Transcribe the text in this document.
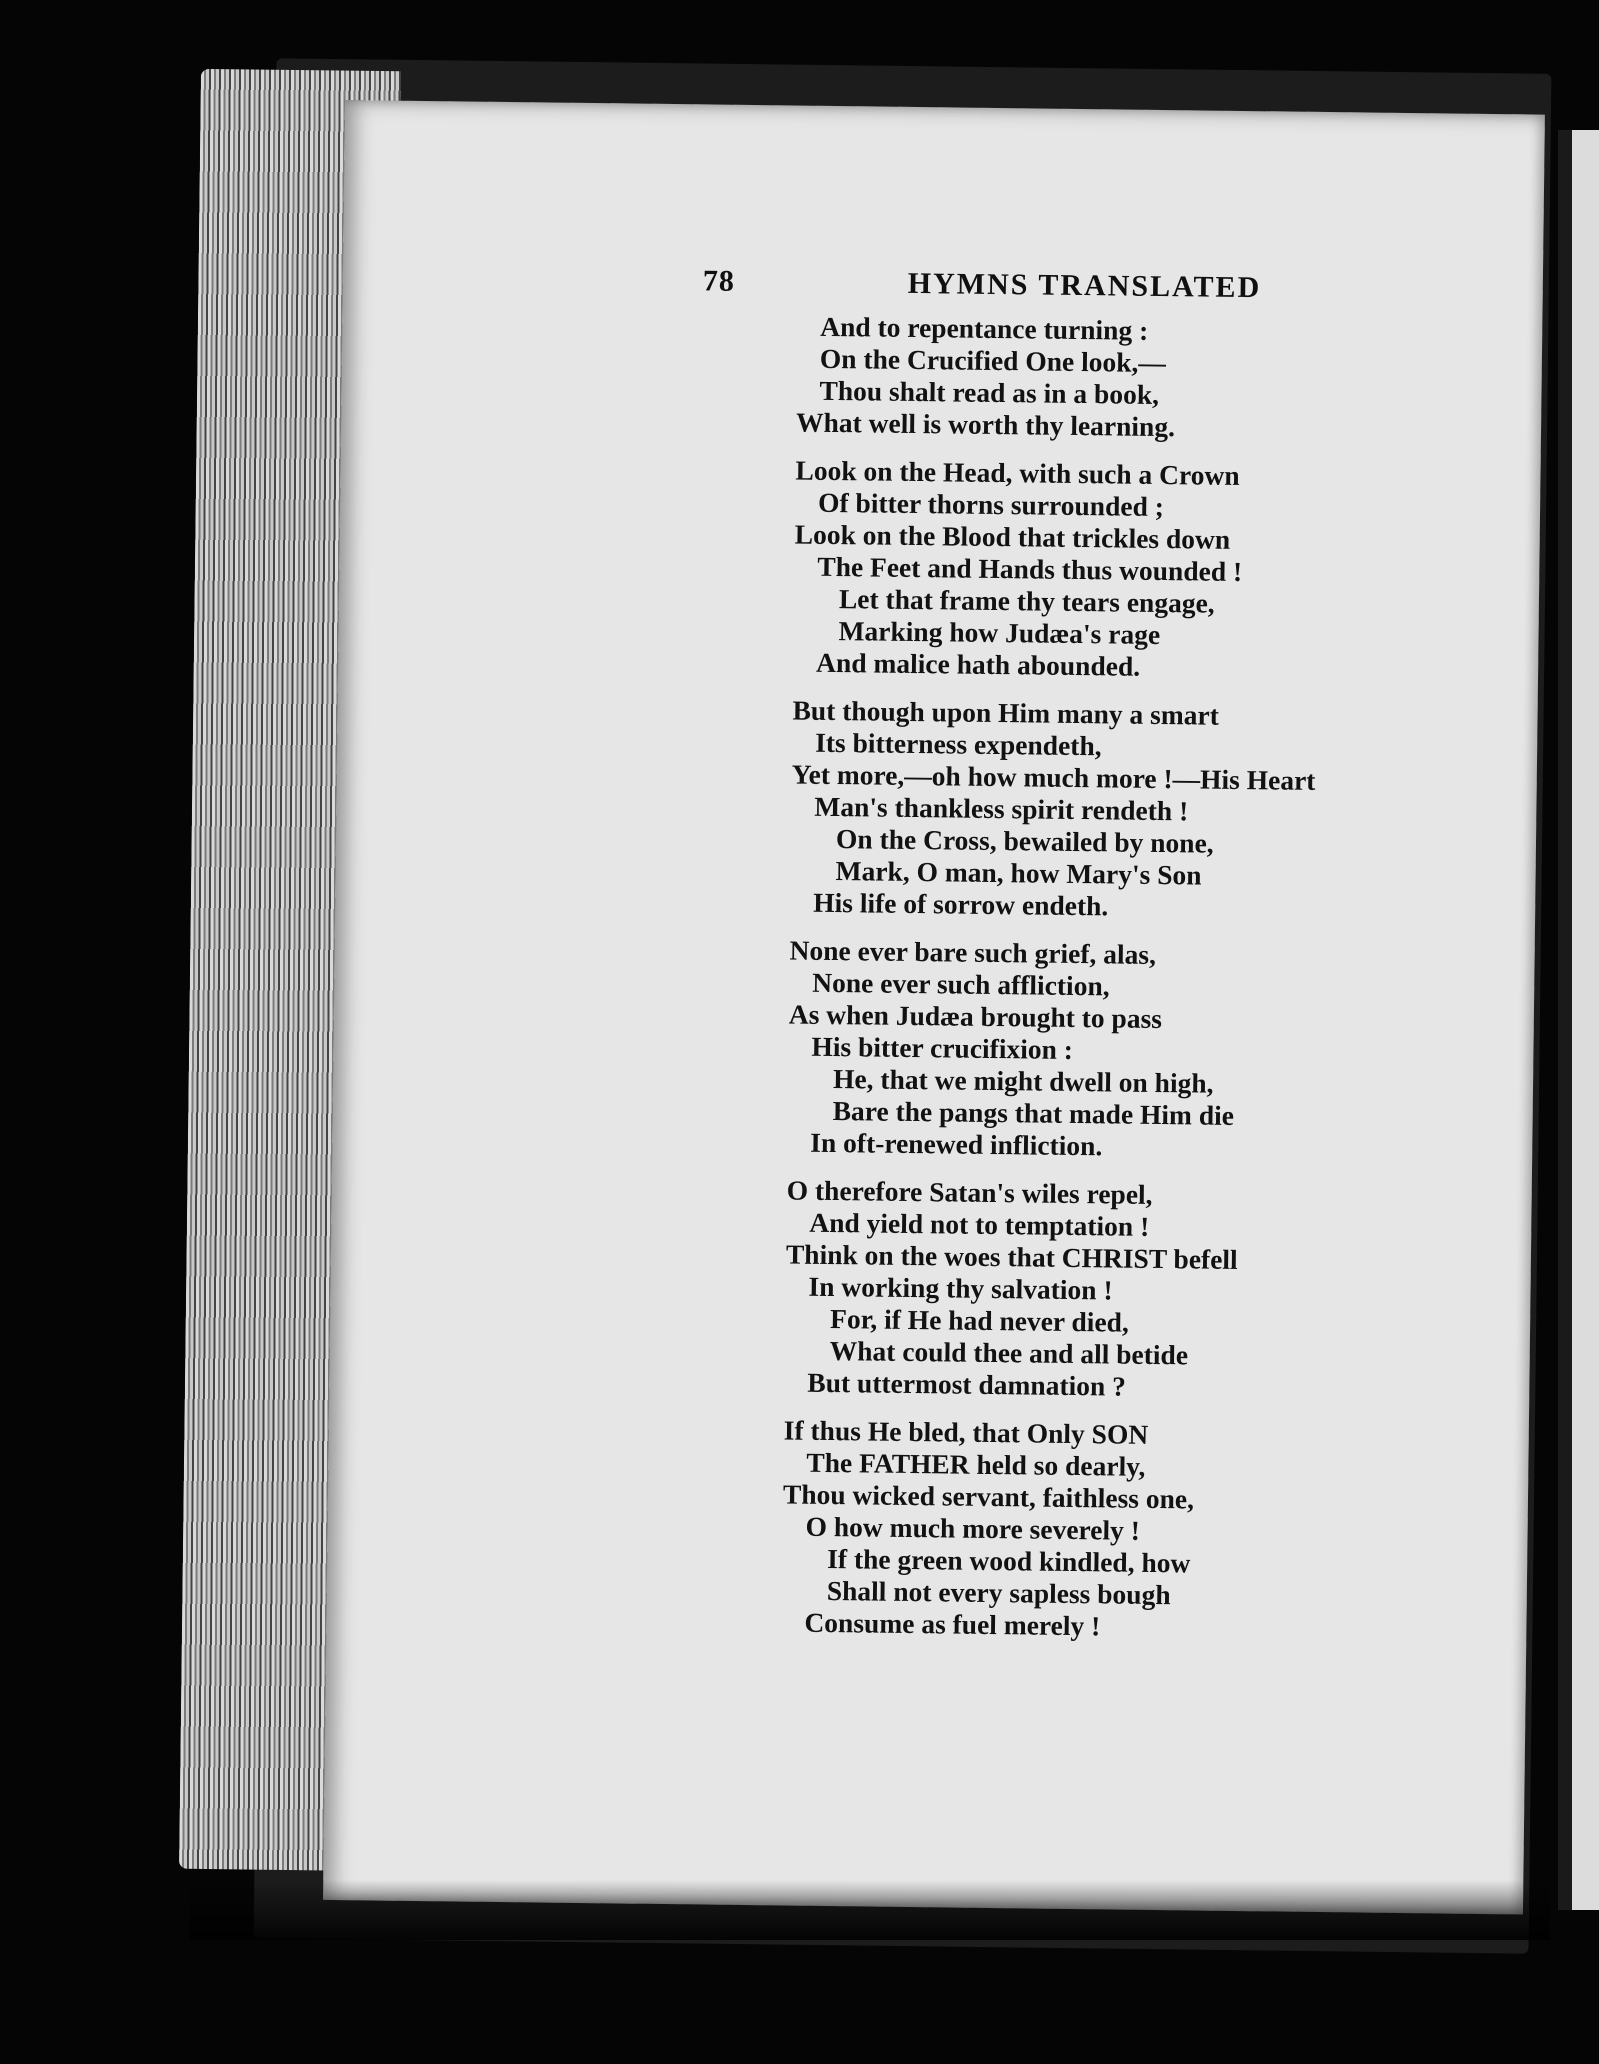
78	HYMNS TRANSLATED
And to repentance turning :
On the Crucified One look,—
Thou shalt read as in a book,
What well is worth thy learning.
Look on the Head, with such a Crown
Of bitter thorns surrounded ;
Look on the Blood that trickles down
The Feet and Hands thus wounded !
Let that frame thy tears engage,
Marking how Judæa's rage
And malice hath abounded.
But though upon Him many a smart
Its bitterness expendeth,
Yet more,—oh how much more !—His Heart
Man's thankless spirit rendeth !
On the Cross, bewailed by none,
Mark, O man, how Mary's Son
His life of sorrow endeth.
None ever bare such grief, alas,
None ever such affliction,
As when Judæa brought to pass
His bitter crucifixion :
He, that we might dwell on high,
Bare the pangs that made Him die
In oft-renewed infliction.
O therefore Satan's wiles repel,
And yield not to temptation !
Think on the woes that CHRIST befell
In working thy salvation !
For, if He had never died,
What could thee and all betide
But uttermost damnation ?
If thus He bled, that Only SON
The FATHER held so dearly,
Thou wicked servant, faithless one,
O how much more severely !
If the green wood kindled, how
Shall not every sapless bough
Consume as fuel merely !
